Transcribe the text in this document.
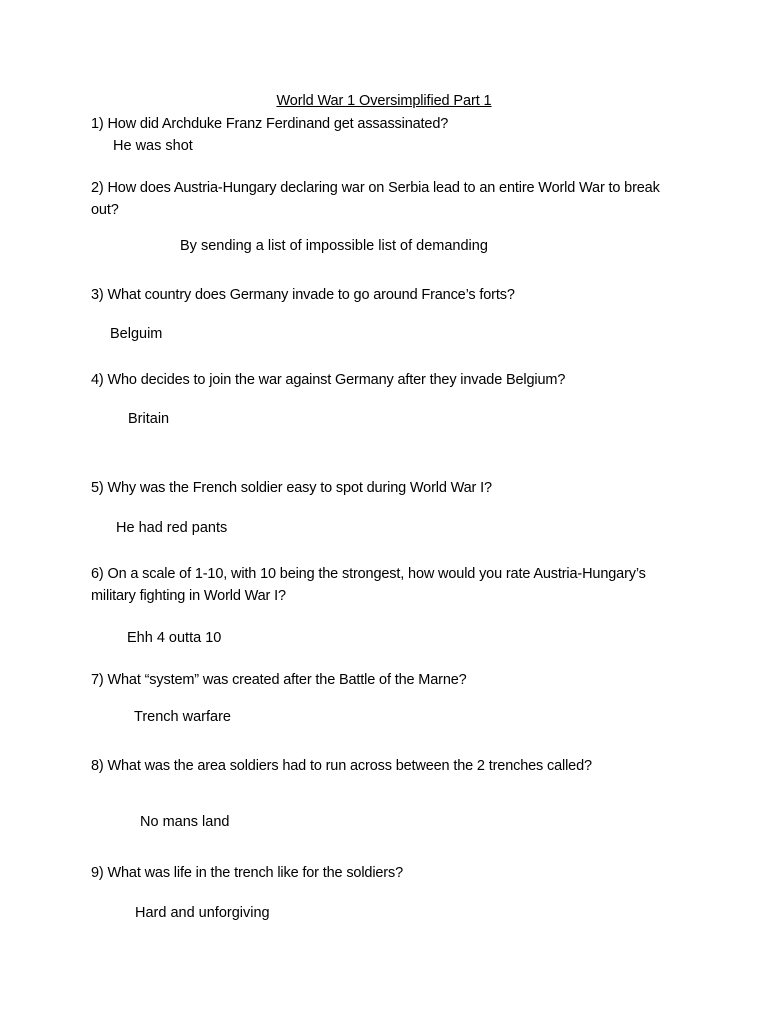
World War 1 Oversimplified Part 1
1) How did Archduke Franz Ferdinand get assassinated?
He was shot
2) How does Austria-Hungary declaring war on Serbia lead to an entire World War to break out?
By sending a list of impossible list of demanding
3) What country does Germany invade to go around France’s forts?
Belguim
4) Who decides to join the war against Germany after they invade Belgium?
Britain
5) Why was the French soldier easy to spot during World War I?
He had red pants
6) On a scale of 1-10, with 10 being the strongest, how would you rate Austria-Hungary’s military fighting in World War I?
Ehh 4 outta 10
7) What “system” was created after the Battle of the Marne?
Trench warfare
8) What was the area soldiers had to run across between the 2 trenches called?
No mans land
9) What was life in the trench like for the soldiers?
Hard and unforgiving
